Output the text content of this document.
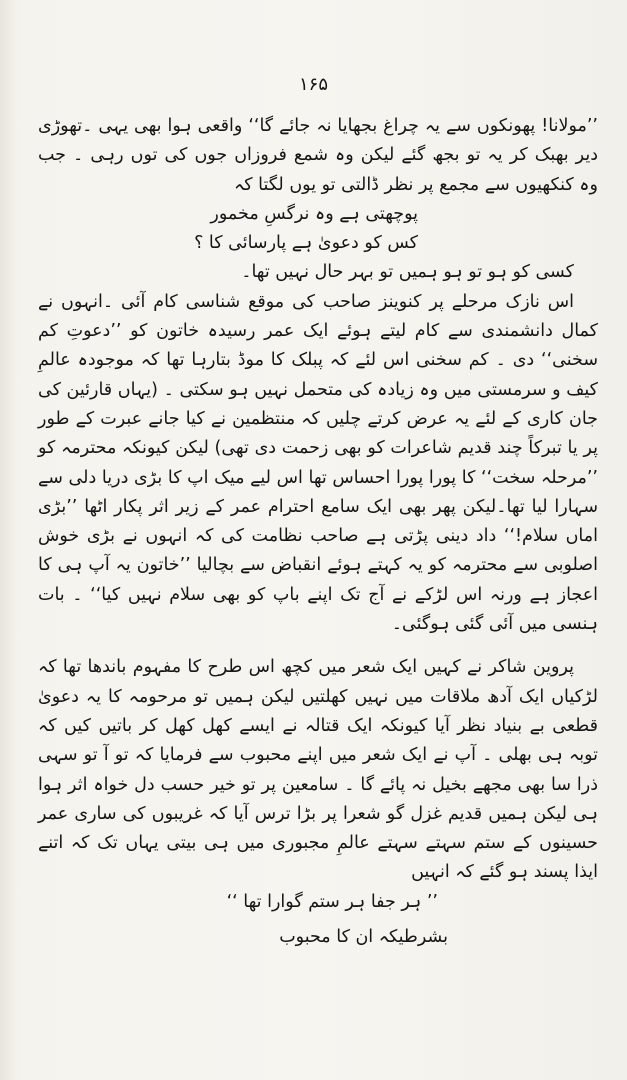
۱۶۵

’’مولانا! پھونکوں سے یہ چراغ بجھایا نہ جائے گا‘‘ واقعی ہوا بھی یہی ۔تھوڑی دیر بھبک کر یہ تو بجھ گئے لیکن وہ شمع فروزاں جوں کی توں رہی ۔ جب وہ کنکھیوں سے مجمع پر نظر ڈالتی تو یوں لگتا کہ

پوچھتی ہے وہ نرگسِ مخمور

کس کو دعویٰ ہے پارسائی کا ؟

کسی کو ہو تو ہو ہمیں تو بہر حال نہیں تھا۔

اس نازک مرحلے پر کنوینز صاحب کی موقع شناسی کام آئی ۔انہوں نے کمال دانشمندی سے کام لیتے ہوئے ایک عمر رسیدہ خاتون کو ’’دعوتِ کم سخنی‘‘ دی ۔ کم سخنی اس لئے کہ پبلک کا موڈ بتارہا تھا کہ موجودہ عالمِ کیف و سرمستی میں وہ زیادہ کی متحمل نہیں ہو سکتی ۔ (یہاں قارئین کی جان کاری کے لئے یہ عرض کرتے چلیں کہ منتظمین نے کیا جانے عبرت کے طور پر یا تبرکاً چند قدیم شاعرات کو بھی زحمت دی تھی) لیکن کیونکہ محترمہ کو ’’مرحلہ سخت‘‘ کا پورا پورا احساس تھا اس لیے میک اپ کا بڑی دریا دلی سے سہارا لیا تھا۔لیکن پھر بھی ایک سامع احترام عمر کے زیر اثر پکار اٹھا ’’بڑی اماں سلام!‘‘ داد دینی پڑتی ہے صاحب نظامت کی کہ انہوں نے بڑی خوش اصلوبی سے محترمہ کو یہ کہتے ہوئے انقباض سے بچالیا ’’خاتون یہ آپ ہی کا اعجاز ہے ورنہ اس لڑکے نے آج تک اپنے باپ کو بھی سلام نہیں کیا‘‘ ۔ بات ہنسی میں آئی گئی ہوگئی۔

پروین شاکر نے کہیں ایک شعر میں کچھ اس طرح کا مفہوم باندھا تھا کہ لڑکیاں ایک آدھ ملاقات میں نہیں کھلتیں لیکن ہمیں تو مرحومہ کا یہ دعویٰ قطعی بے بنیاد نظر آیا کیونکہ ایک قتالہ نے ایسے کھل کھل کر باتیں کیں کہ توبہ ہی بھلی ۔ آپ نے ایک شعر میں اپنے محبوب سے فرمایا کہ تو آ تو سہی ذرا سا بھی مجھے بخیل نہ پائے گا ۔ سامعین پر تو خیر حسب دل خواہ اثر ہوا ہی لیکن ہمیں قدیم غزل گو شعرا پر بڑا ترس آیا کہ غریبوں کی ساری عمر حسینوں کے ستم سہتے سہتے عالمِ مجبوری میں ہی بیتی یہاں تک کہ اتنے ایذا پسند ہو گئے کہ انہیں

’’ ہر جفا ہر ستم گوارا تھا ‘‘

بشرطیکہ ان کا محبوب
